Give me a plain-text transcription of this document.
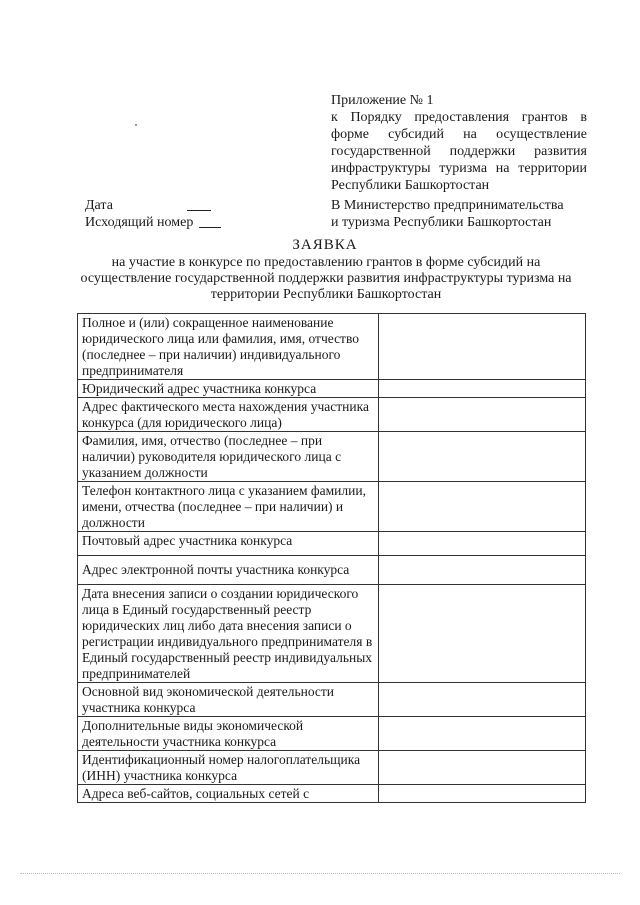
Приложение № 1
к Порядку предоставления грантов в форме субсидий на осуществление государственной поддержки развития инфраструктуры туризма на территории Республики Башкортостан
Дата
Исходящий номер
В Министерство предпринимательства
и туризма Республики Башкортостан
ЗАЯВКА
на участие в конкурсе по предоставлению грантов в форме субсидий на осуществление государственной поддержки развития инфраструктуры туризма на территории Республики Башкортостан
Полное и (или) сокращенное наименование юридического лица или фамилия, имя, отчество (последнее – при наличии) индивидуального предпринимателя	
Юридический адрес участника конкурса	
Адрес фактического места нахождения участника конкурса (для юридического лица)	
Фамилия, имя, отчество (последнее – при наличии) руководителя юридического лица с указанием должности	
Телефон контактного лица с указанием фамилии, имени, отчества (последнее – при наличии) и должности	
Почтовый адрес участника конкурса	
Адрес электронной почты участника конкурса	
Дата внесения записи о создании юридического лица в Единый государственный реестр юридических лиц либо дата внесения записи о регистрации индивидуального предпринимателя в Единый государственный реестр индивидуальных предпринимателей	
Основной вид экономической деятельности участника конкурса	
Дополнительные виды экономической деятельности участника конкурса	
Идентификационный номер налогоплательщика (ИНН) участника конкурса	
Адреса веб-сайтов, социальных сетей с	
